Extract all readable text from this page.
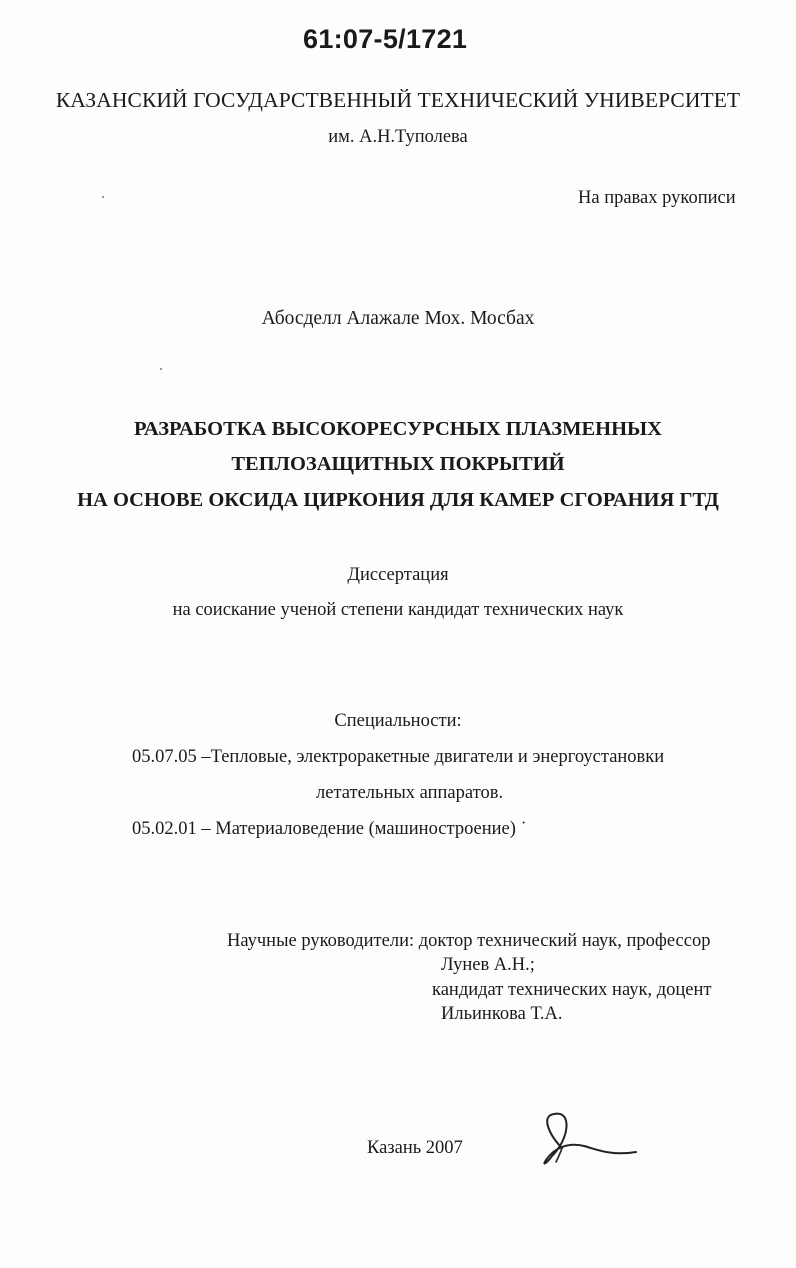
61:07-5/1721
КАЗАНСКИЙ ГОСУДАРСТВЕННЫЙ ТЕХНИЧЕСКИЙ УНИВЕРСИТЕТ
им. А.Н.Туполева
На правах рукописи
Абосделл Алажале Мох. Мосбах
РАЗРАБОТКА ВЫСОКОРЕСУРСНЫХ ПЛАЗМЕННЫХ
ТЕПЛОЗАЩИТНЫХ ПОКРЫТИЙ
НА ОСНОВЕ ОКСИДА ЦИРКОНИЯ ДЛЯ КАМЕР СГОРАНИЯ ГТД
Диссертация
на соискание ученой степени кандидат технических наук
Специальности:
05.07.05 –Тепловые, электроракетные двигатели и энергоустановки
летательных аппаратов.
05.02.01 – Материаловедение (машиностроение) ˙
Научные руководители: доктор технический наук, профессор
Лунев А.Н.;
кандидат технических наук, доцент
Ильинкова Т.А.
Казань 2007
